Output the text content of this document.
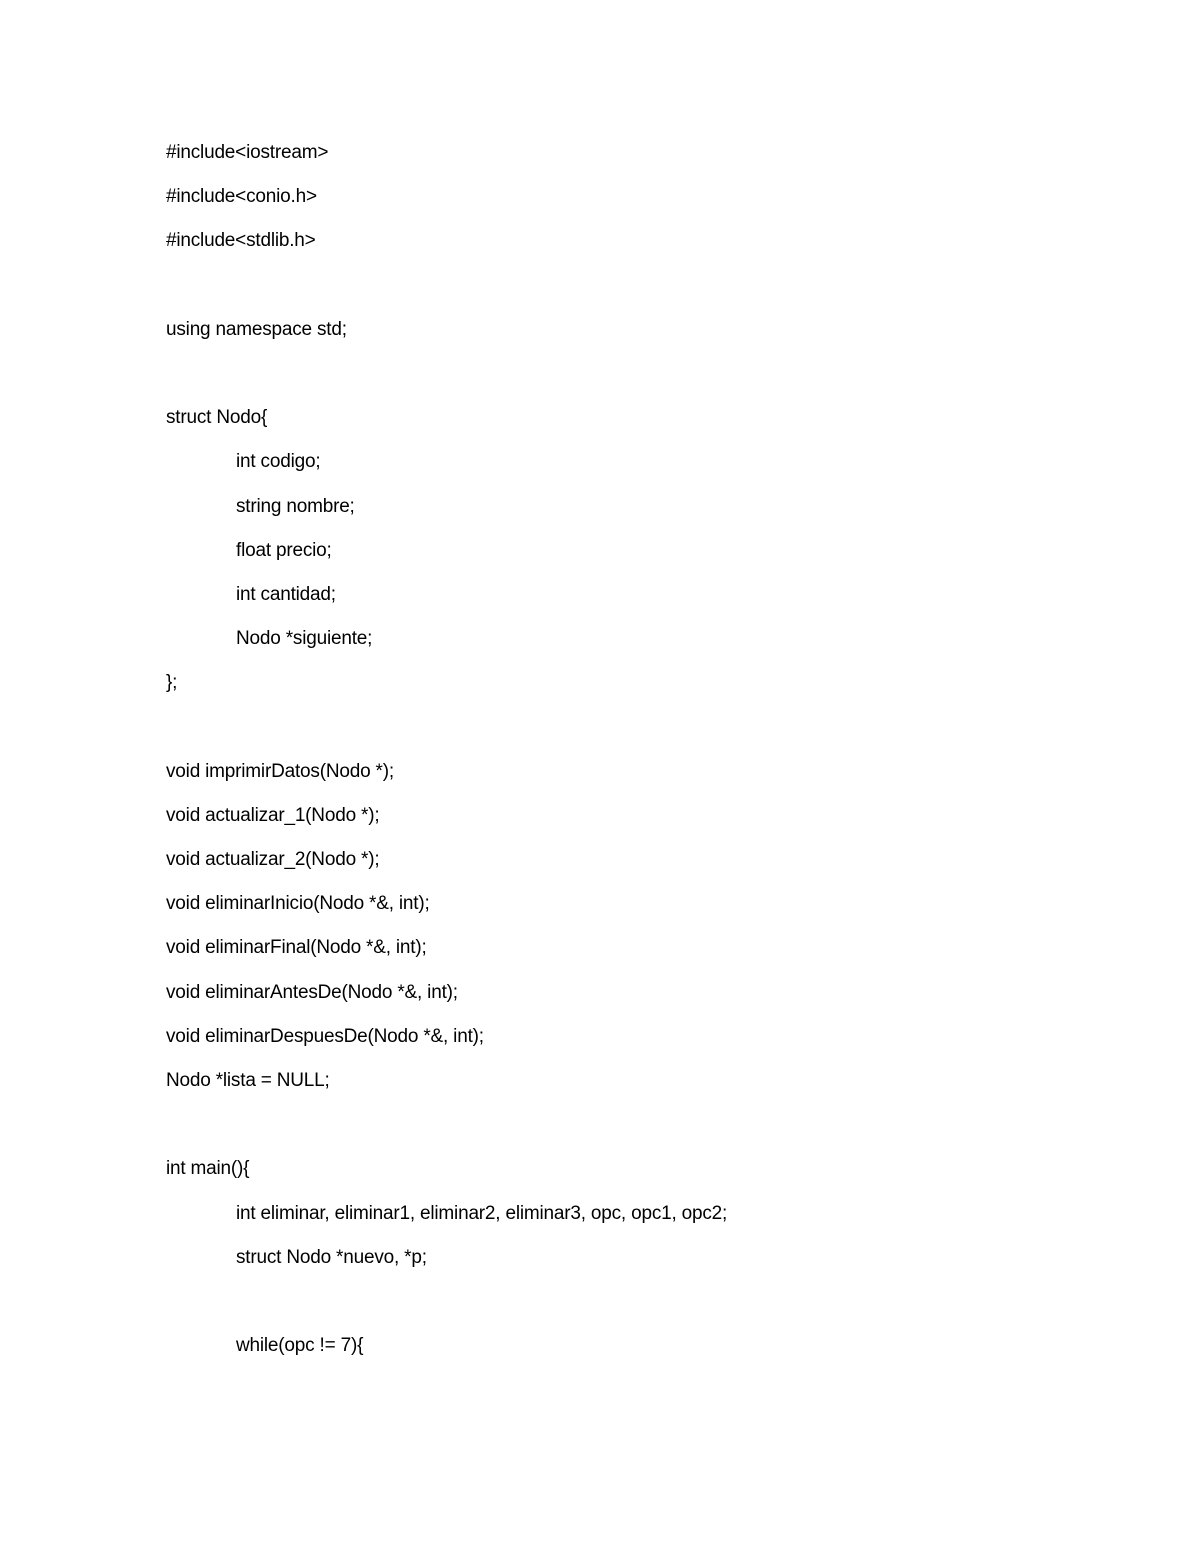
#include<iostream>
#include<conio.h>
#include<stdlib.h>
using namespace std;
struct Nodo{
int codigo;
string nombre;
float precio;
int cantidad;
Nodo *siguiente;
};
void imprimirDatos(Nodo *);
void actualizar_1(Nodo *);
void actualizar_2(Nodo *);
void eliminarInicio(Nodo *&, int);
void eliminarFinal(Nodo *&, int);
void eliminarAntesDe(Nodo *&, int);
void eliminarDespuesDe(Nodo *&, int);
Nodo *lista = NULL;
int main(){
int eliminar, eliminar1, eliminar2, eliminar3, opc, opc1, opc2;
struct Nodo *nuevo, *p;
while(opc != 7){
